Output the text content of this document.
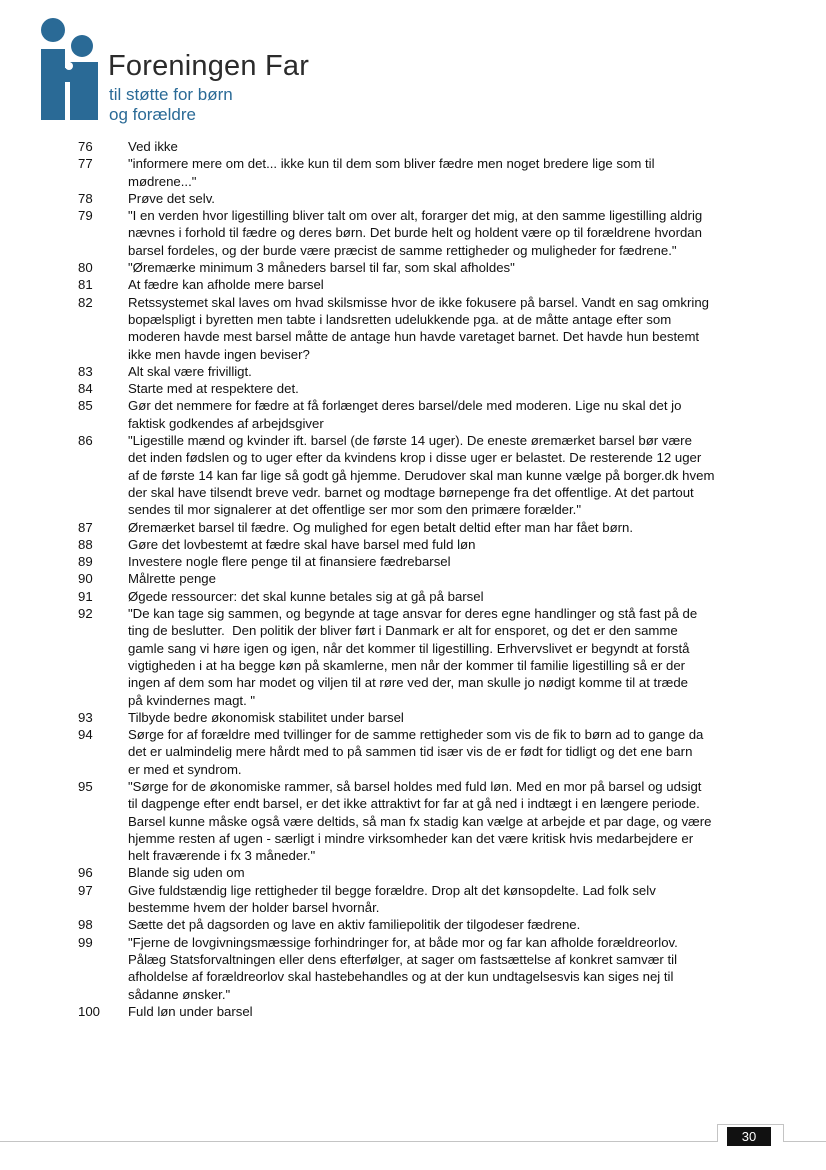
Foreningen Far
til støtte for børn
og forældre
76	Ved ikke
77	"informere mere om det... ikke kun til dem som bliver fædre men noget bredere lige som til
mødrene..."
78	Prøve det selv.
79	"I en verden hvor ligestilling bliver talt om over alt, forarger det mig, at den samme ligestilling aldrig
nævnes i forhold til fædre og deres børn. Det burde helt og holdent være op til forældrene hvordan
barsel fordeles, og der burde være præcist de samme rettigheder og muligheder for fædrene."
80	"Øremærke minimum 3 måneders barsel til far, som skal afholdes"
81	At fædre kan afholde mere barsel
82	Retssystemet skal laves om hvad skilsmisse hvor de ikke fokusere på barsel. Vandt en sag omkring
bopælspligt i byretten men tabte i landsretten udelukkende pga. at de måtte antage efter som
moderen havde mest barsel måtte de antage hun havde varetaget barnet. Det havde hun bestemt
ikke men havde ingen beviser?
83	Alt skal være frivilligt.
84	Starte med at respektere det.
85	Gør det nemmere for fædre at få forlænget deres barsel/dele med moderen. Lige nu skal det jo
faktisk godkendes af arbejdsgiver
86	"Ligestille mænd og kvinder ift. barsel (de første 14 uger). De eneste øremærket barsel bør være
det inden fødslen og to uger efter da kvindens krop i disse uger er belastet. De resterende 12 uger
af de første 14 kan far lige så godt gå hjemme. Derudover skal man kunne vælge på borger.dk hvem
der skal have tilsendt breve vedr. barnet og modtage børnepenge fra det offentlige. At det partout
sendes til mor signalerer at det offentlige ser mor som den primære forælder."
87	Øremærket barsel til fædre. Og mulighed for egen betalt deltid efter man har fået børn.
88	Gøre det lovbestemt at fædre skal have barsel med fuld løn
89	Investere nogle flere penge til at finansiere fædrebarsel
90	Målrette penge
91	Øgede ressourcer: det skal kunne betales sig at gå på barsel
92	"De kan tage sig sammen, og begynde at tage ansvar for deres egne handlinger og stå fast på de
ting de beslutter.  Den politik der bliver ført i Danmark er alt for ensporet, og det er den samme
gamle sang vi høre igen og igen, når det kommer til ligestilling. Erhvervslivet er begyndt at forstå
vigtigheden i at ha begge køn på skamlerne, men når der kommer til familie ligestilling så er der
ingen af dem som har modet og viljen til at røre ved der, man skulle jo nødigt komme til at træde
på kvindernes magt. "
93	Tilbyde bedre økonomisk stabilitet under barsel
94	Sørge for af forældre med tvillinger for de samme rettigheder som vis de fik to børn ad to gange da
det er ualmindelig mere hårdt med to på sammen tid især vis de er født for tidligt og det ene barn
er med et syndrom.
95	"Sørge for de økonomiske rammer, så barsel holdes med fuld løn. Med en mor på barsel og udsigt
til dagpenge efter endt barsel, er det ikke attraktivt for far at gå ned i indtægt i en længere periode.
Barsel kunne måske også være deltids, så man fx stadig kan vælge at arbejde et par dage, og være
hjemme resten af ugen - særligt i mindre virksomheder kan det være kritisk hvis medarbejdere er
helt fraværende i fx 3 måneder."
96	Blande sig uden om
97	Give fuldstændig lige rettigheder til begge forældre. Drop alt det kønsopdelte. Lad folk selv
bestemme hvem der holder barsel hvornår.
98	Sætte det på dagsorden og lave en aktiv familiepolitik der tilgodeser fædrene.
99	"Fjerne de lovgivningsmæssige forhindringer for, at både mor og far kan afholde forældreorlov.
Pålæg Statsforvaltningen eller dens efterfølger, at sager om fastsættelse af konkret samvær til
afholdelse af forældreorlov skal hastebehandles og at der kun undtagelsesvis kan siges nej til
sådanne ønsker."
100	Fuld løn under barsel
30
